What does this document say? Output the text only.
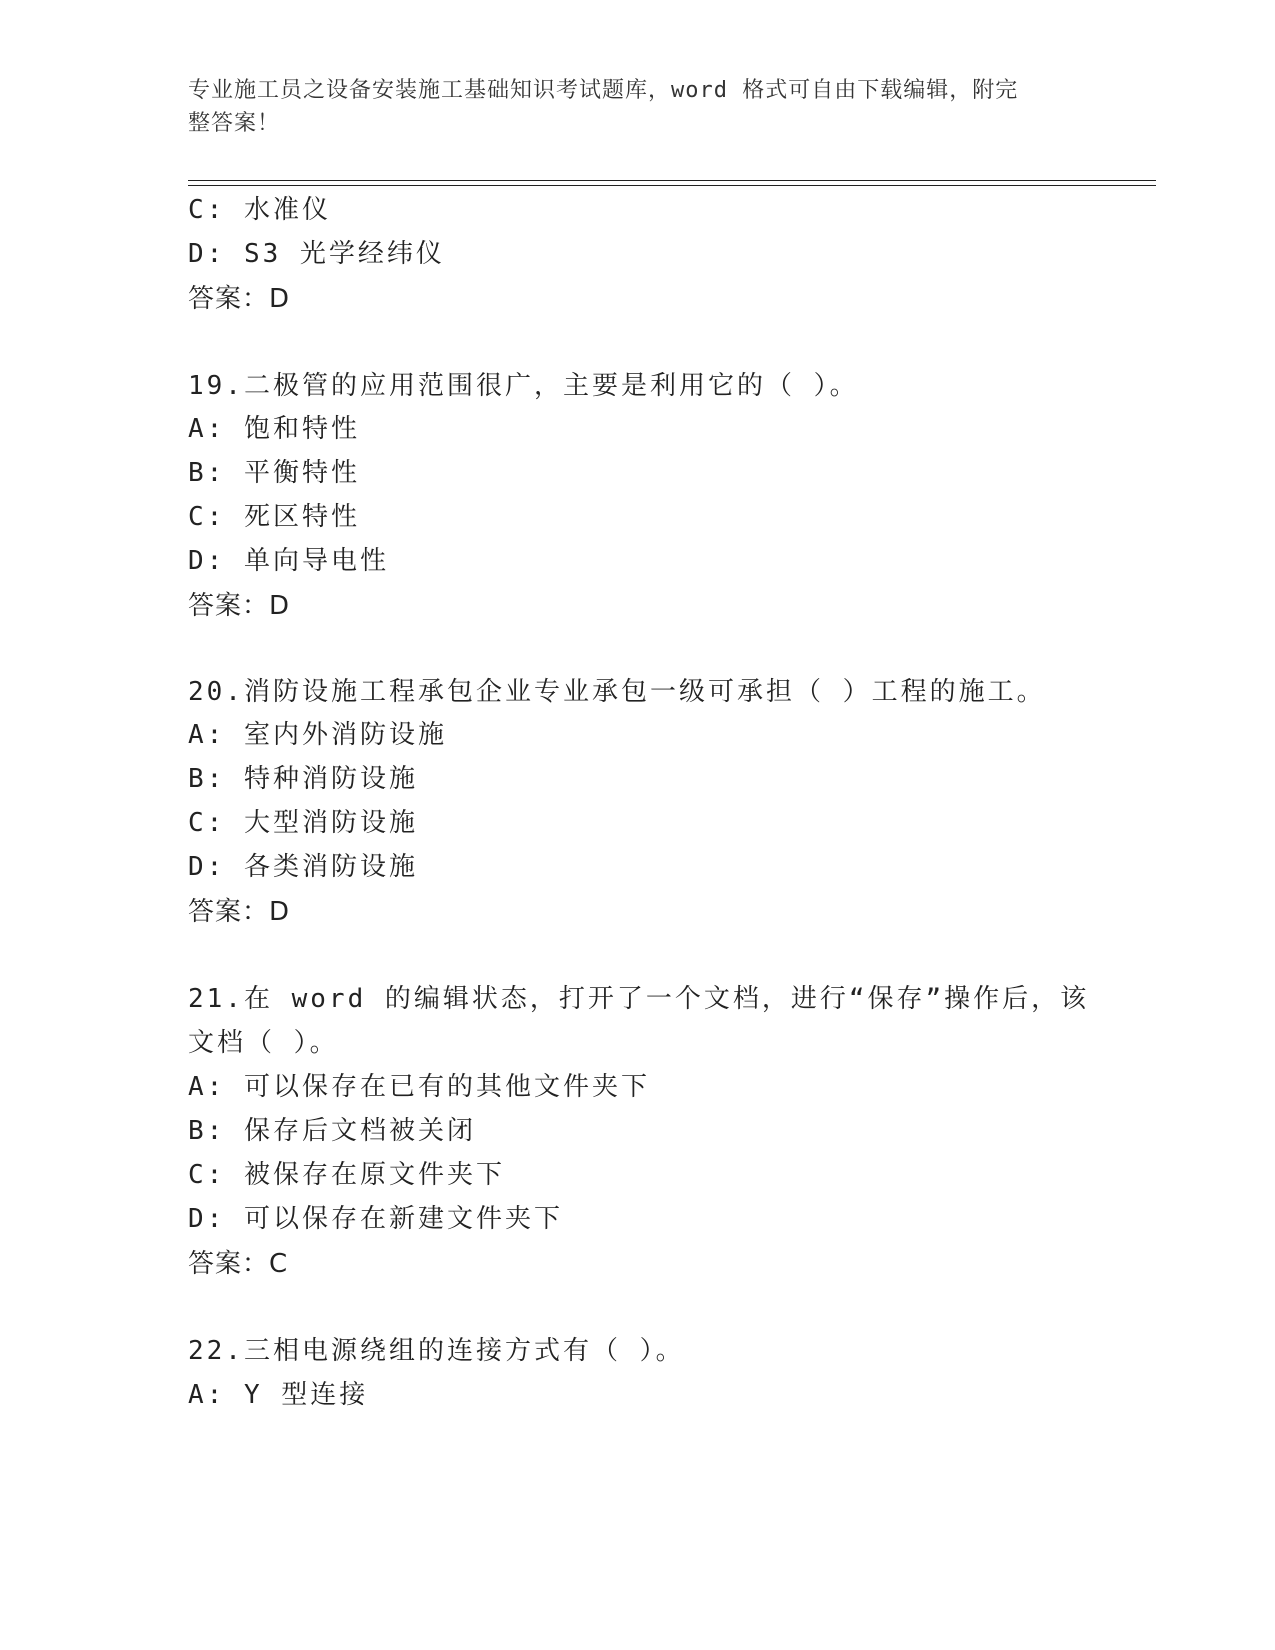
专业施工员之设备安装施工基础知识考试题库，word 格式可自由下载编辑，附完
整答案！
C: 水准仪
D: S3 光学经纬仪
答案：D
19.二极管的应用范围很广，主要是利用它的（ ）。
A: 饱和特性
B: 平衡特性
C: 死区特性
D: 单向导电性
答案：D
20.消防设施工程承包企业专业承包一级可承担（ ）工程的施工。
A: 室内外消防设施
B: 特种消防设施
C: 大型消防设施
D: 各类消防设施
答案：D
21.在 word 的编辑状态，打开了一个文档，进行“保存”操作后，该
文档（ ）。
A: 可以保存在已有的其他文件夹下
B: 保存后文档被关闭
C: 被保存在原文件夹下
D: 可以保存在新建文件夹下
答案：C
22.三相电源绕组的连接方式有（ ）。
A: Y 型连接
